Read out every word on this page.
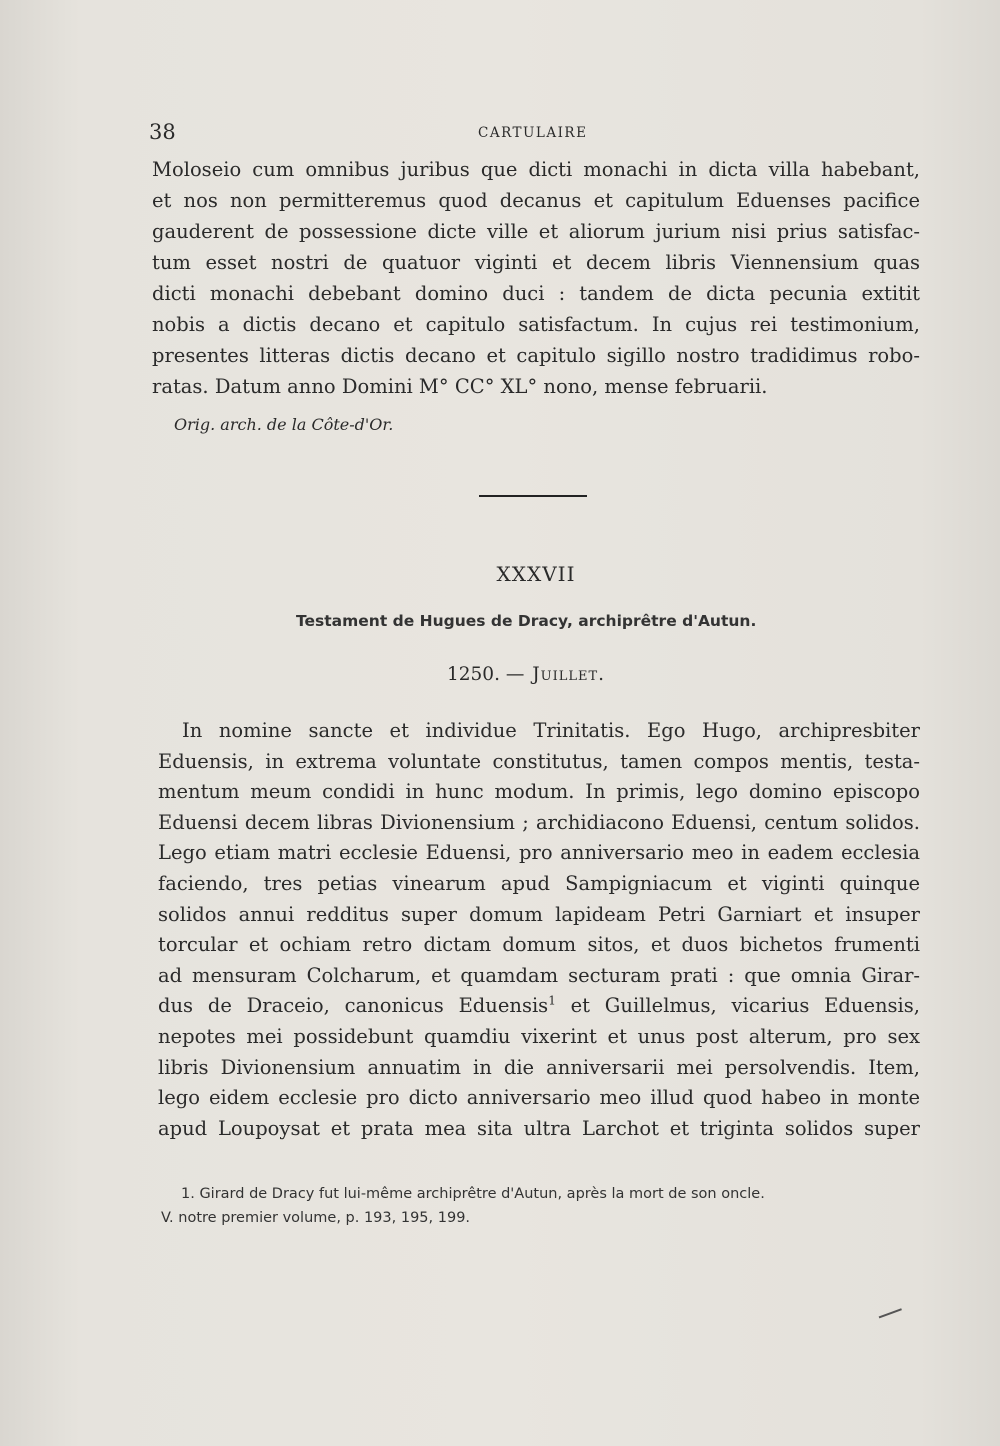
38	CARTULAIRE
Moloseio cum omnibus juribus que dicti monachi in dicta villa habebant,
et nos non permitteremus quod decanus et capitulum Eduenses pacifice
gauderent de possessione dicte ville et aliorum jurium nisi prius satisfac-
tum esset nostri de quatuor viginti et decem libris Viennensium quas
dicti monachi debebant domino duci : tandem de dicta pecunia extitit
nobis a dictis decano et capitulo satisfactum. In cujus rei testimonium,
presentes litteras dictis decano et capitulo sigillo nostro tradidimus robo-
ratas. Datum anno Domini M° CC° XL° nono, mense februarii.
Orig. arch. de la Côte-d'Or.
XXXVII
Testament de Hugues de Dracy, archiprêtre d'Autun.
1250. — Juillet.
In nomine sancte et individue Trinitatis. Ego Hugo, archipresbiter
Eduensis, in extrema voluntate constitutus, tamen compos mentis, testa-
mentum meum condidi in hunc modum. In primis, lego domino episcopo
Eduensi decem libras Divionensium ; archidiacono Eduensi, centum solidos.
Lego etiam matri ecclesie Eduensi, pro anniversario meo in eadem ecclesia
faciendo, tres petias vinearum apud Sampigniacum et viginti quinque
solidos annui redditus super domum lapideam Petri Garniart et insuper
torcular et ochiam retro dictam domum sitos, et duos bichetos frumenti
ad mensuram Colcharum, et quamdam secturam prati : que omnia Girar-
dus de Draceio, canonicus Eduensis$^1$ et Guillelmus, vicarius Eduensis,
nepotes mei possidebunt quamdiu vixerint et unus post alterum, pro sex
libris Divionensium annuatim in die anniversarii mei persolvendis. Item,
lego eidem ecclesie pro dicto anniversario meo illud quod habeo in monte
apud Loupoysat et prata mea sita ultra Larchot et triginta solidos super
1. Girard de Dracy fut lui-même archiprêtre d'Autun, après la mort de son oncle.
V. notre premier volume, p. 193, 195, 199.
